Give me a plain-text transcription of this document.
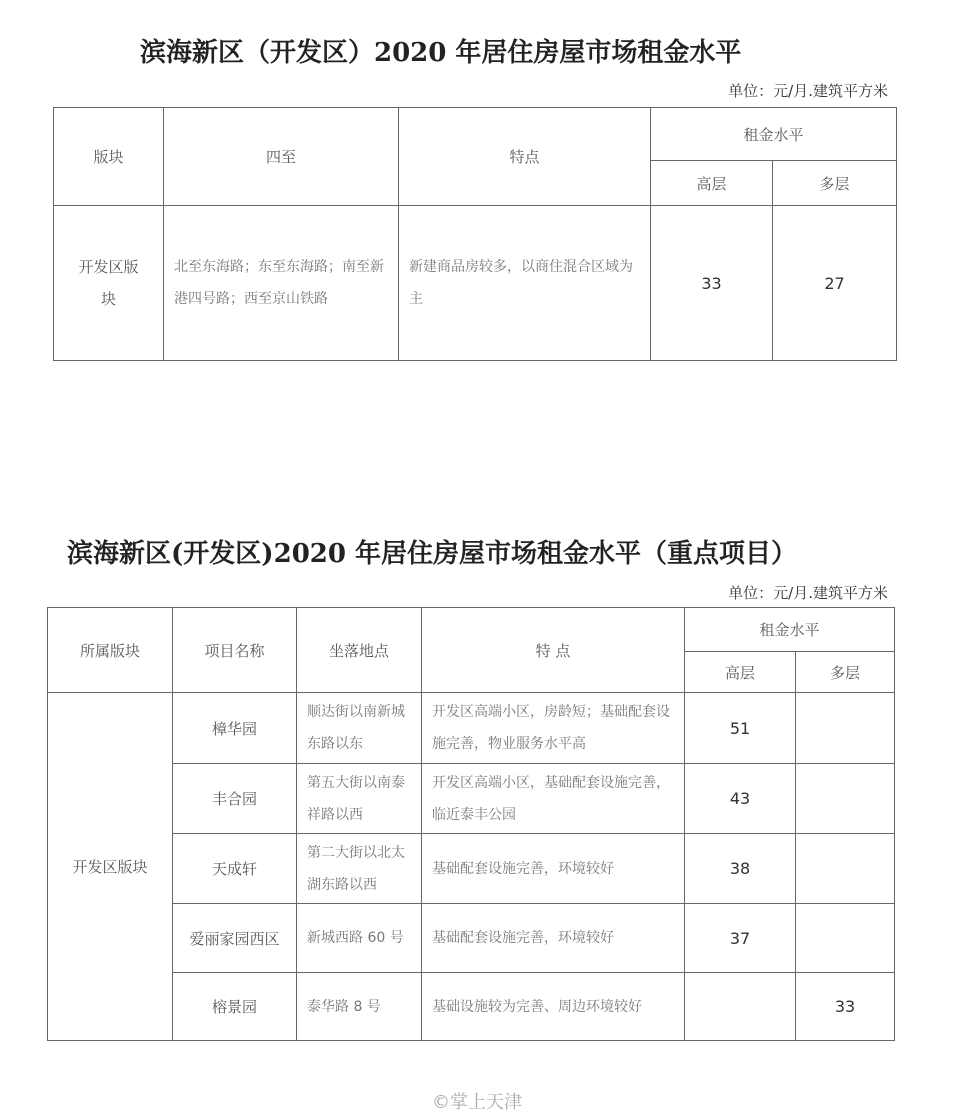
滨海新区（开发区）2020 年居住房屋市场租金水平
单位：元/月.建筑平方米
版块	四至	特点	租金水平	
			高层	多层
开发区版块	北至东海路；东至东海路；南至新港四号路；西至京山铁路	新建商品房较多，以商住混合区域为主	33	27
滨海新区(开发区)2020 年居住房屋市场租金水平（重点项目）
单位：元/月.建筑平方米
所属版块	项目名称	坐落地点	特 点	租金水平	
				高层	多层
开发区版块	樟华园	顺达街以南新城东路以东	开发区高端小区，房龄短；基础配套设施完善，物业服务水平高	51	
	丰合园	第五大街以南泰祥路以西	开发区高端小区，基础配套设施完善，临近泰丰公园	43	
	天成轩	第二大街以北太湖东路以西	基础配套设施完善，环境较好	38	
	爱丽家园西区	新城西路 60 号	基础配套设施完善，环境较好	37	
	榕景园	泰华路 8 号	基础设施较为完善、周边环境较好		33
©掌上天津
